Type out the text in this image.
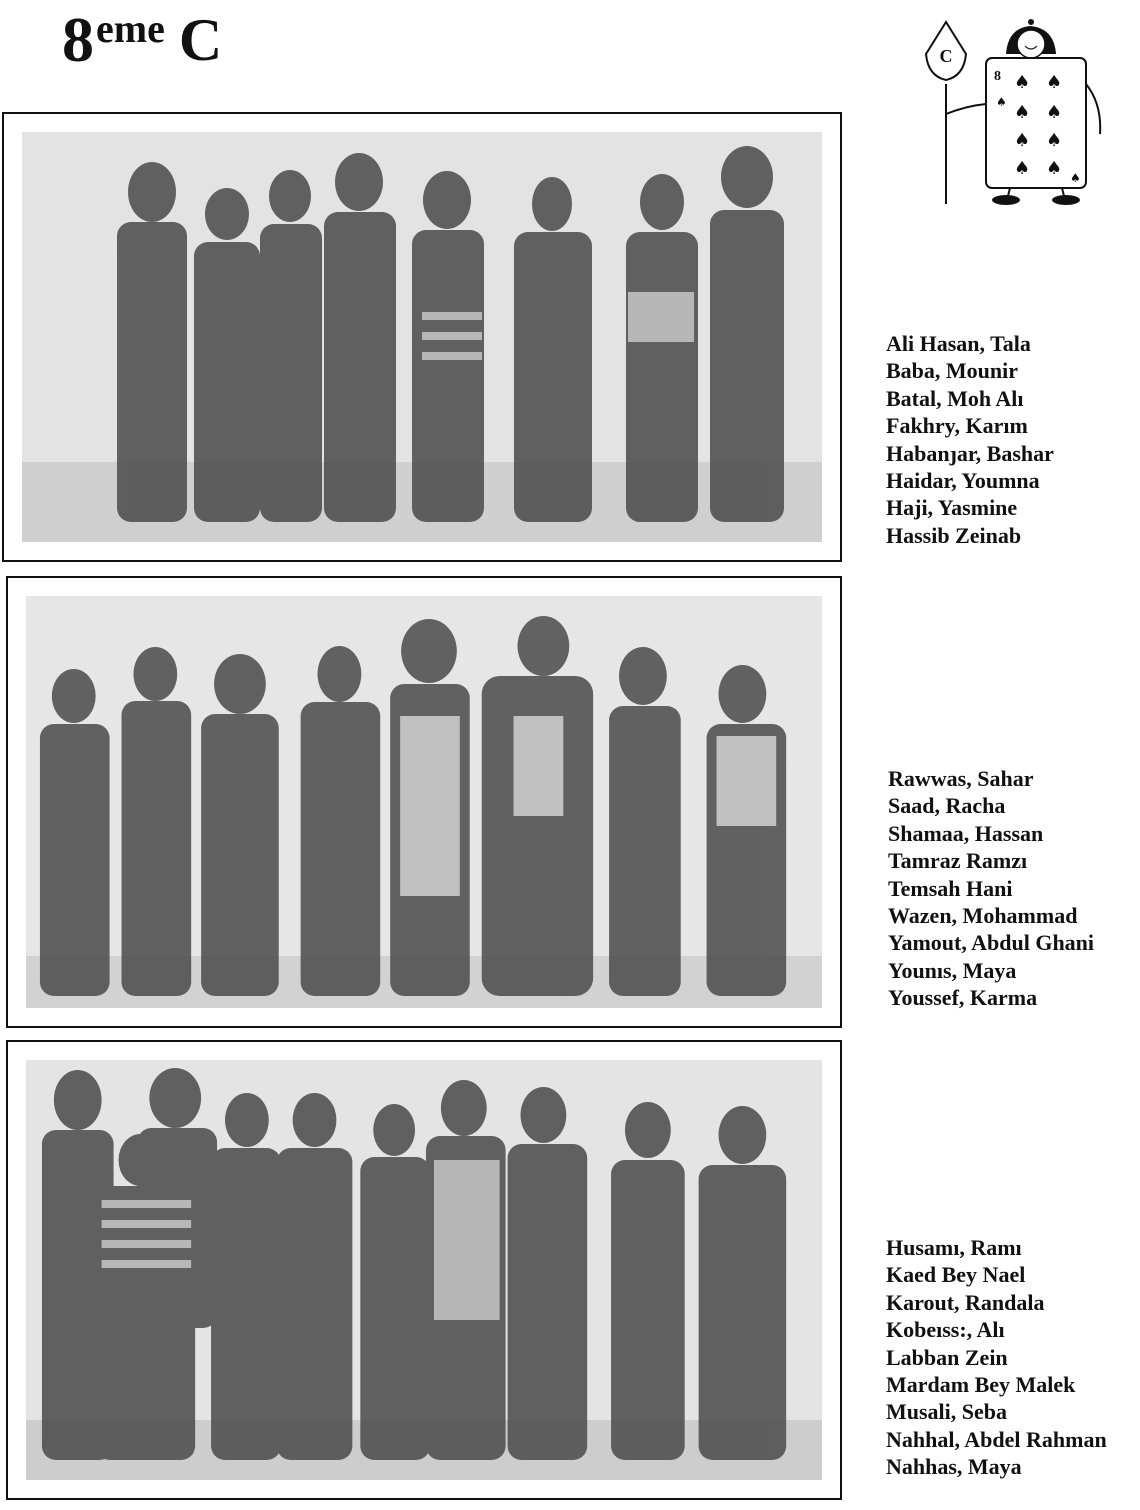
8eme C	C
8 ♠ ♠
♠ ♠
♠ ♠
♠ ♠
♠
♠
Ali Hasan, Tala
Baba, Mounir
Batal, Moh Alı
Fakhry, Karım
Habanȷar, Bashar
Haidar, Youmna
Haji, Yasmine
Hassib Zeinab
Rawwas, Sahar
Saad, Racha
Shamaa, Hassan
Tamraz Ramzı
Temsah Hani
Wazen, Mohammad
Yamout, Abdul Ghani
Younıs, Maya
Youssef, Karma
Husamı, Ramı
Kaed Bey Nael
Karout, Randala
Kobeıss:, Alı
Labban Zein
Mardam Bey Malek
Musali, Seba
Nahhal, Abdel Rahman
Nahhas, Maya
